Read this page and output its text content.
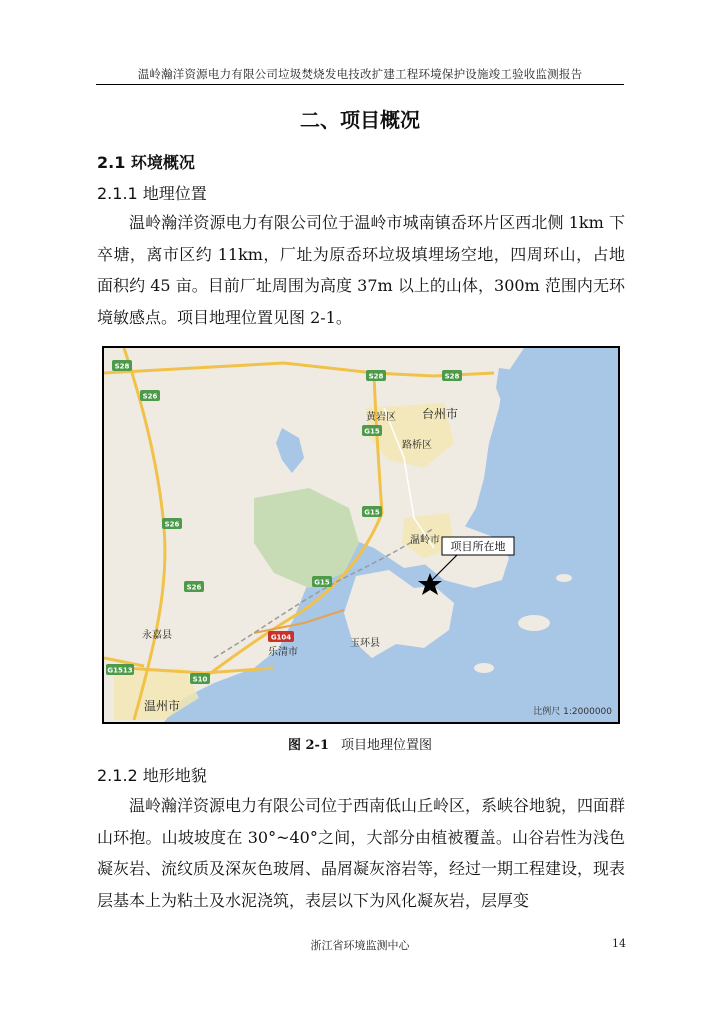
温岭瀚洋资源电力有限公司垃圾焚烧发电技改扩建工程环境保护设施竣工验收监测报告
二、项目概况
2.1 环境概况
2.1.1 地理位置

温岭瀚洋资源电力有限公司位于温岭市城南镇岙环片区西北侧 1km 下卒塘，离市区约 11km，厂址为原岙环垃圾填埋场空地，四周环山，占地面积约 45 亩。目前厂址周围为高度 37m 以上的山体，300m 范围内无环境敏感点。项目地理位置见图 2-1。

S28
S28	S28
S26
S26
S26
G15
G15
G15
G104
G1513
S10
黄岩区 台州市
路桥区
温岭市
永嘉县
乐清市
玉环县
温州市
项目所在地
比例尺 1:2000000
图 2-1 项目地理位置图
2.1.2 地形地貌

温岭瀚洋资源电力有限公司位于西南低山丘岭区，系峡谷地貌，四面群山环抱。山坡坡度在 30°~40°之间，大部分由植被覆盖。山谷岩性为浅色凝灰岩、流纹质及深灰色玻屑、晶屑凝灰溶岩等，经过一期工程建设，现表层基本上为粘土及水泥浇筑，表层以下为风化凝灰岩，层厚变

浙江省环境监测中心	14
